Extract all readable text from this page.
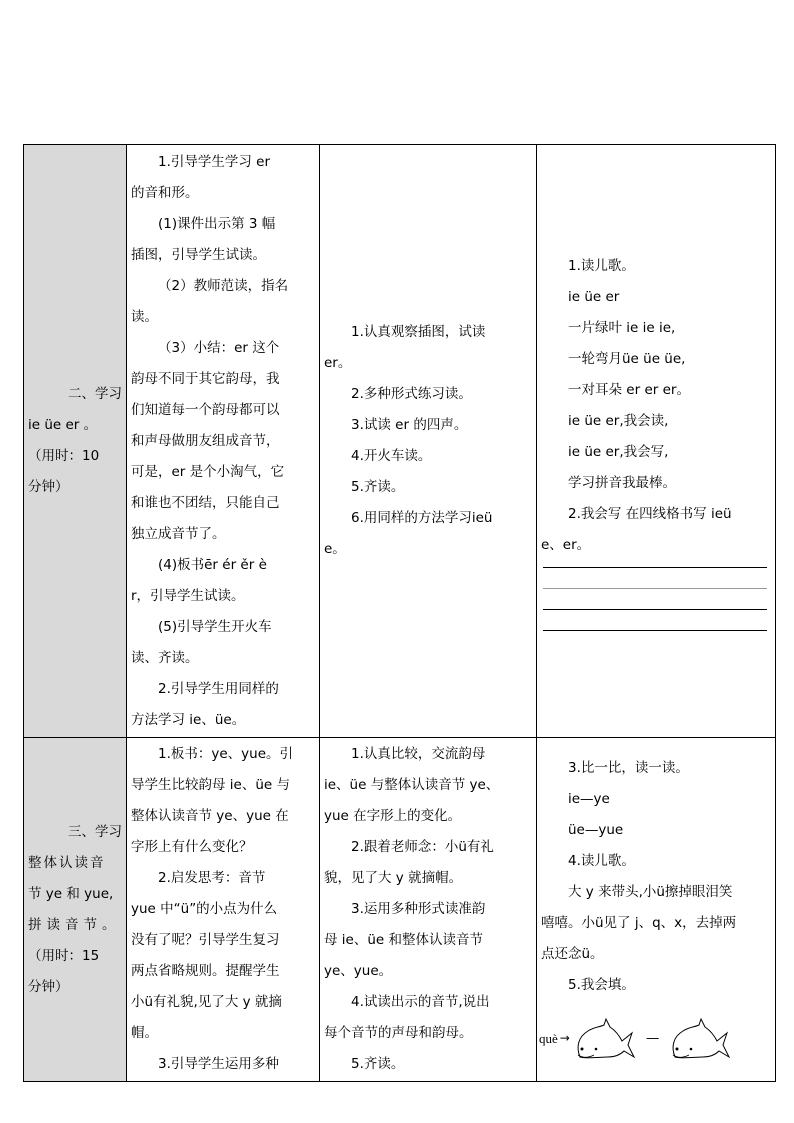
二、学习
ie üe er 。
（用时：10
分钟）

1.引导学生学习 er
的音和形。
(1)课件出示第 3 幅
插图，引导学生试读。
（2）教师范读，指名
读。
（3）小结：er 这个
韵母不同于其它韵母，我
们知道每一个韵母都可以
和声母做朋友组成音节，
可是，er 是个小淘气，它
和谁也不团结，只能自己
独立成音节了。
(4)板书ēr ér ěr è
r，引导学生试读。
(5)引导学生开火车
读、齐读。
2.引导学生用同样的
方法学习 ie、üe。

1.认真观察插图，试读
er。
2.多种形式练习读。
3.试读 er 的四声。
4.开火车读。
5.齐读。
6.用同样的方法学习ieü
e。

1.读儿歌。
ie üe er
一片绿叶 ie ie ie,
一轮弯月üe üe üe,
一对耳朵 er er er。
ie üe er,我会读,
ie üe er,我会写,
学习拼音我最棒。
2.我会写 在四线格书写 ieü
e、er。

三、学习
整体认读音
节 ye 和 yue,
拼读音节。
（用时：15
分钟）

1.板书：ye、yue。引
导学生比较韵母 ie、üe 与
整体认读音节 ye、yue 在
字形上有什么变化？
2.启发思考：音节
yue 中“ü”的小点为什么
没有了呢？引导学生复习
两点省略规则。提醒学生
小ü有礼貌,见了大 y 就摘
帽。
3.引导学生运用多种

1.认真比较，交流韵母
ie、üe 与整体认读音节 ye、
yue 在字形上的变化。
2.跟着老师念：小ü有礼
貌，见了大 y 就摘帽。
3.运用多种形式读准韵
母 ie、üe 和整体认读音节
ye、yue。
4.试读出示的音节,说出
每个音节的声母和韵母。
5.齐读。

3.比一比，读一读。
ie—ye
üe—yue
4.读儿歌。
大 y 来带头,小ü擦掉眼泪笑
嘻嘻。小ü见了 j、q、x，去掉两
点还念ü。
5.我会填。
què →	—
